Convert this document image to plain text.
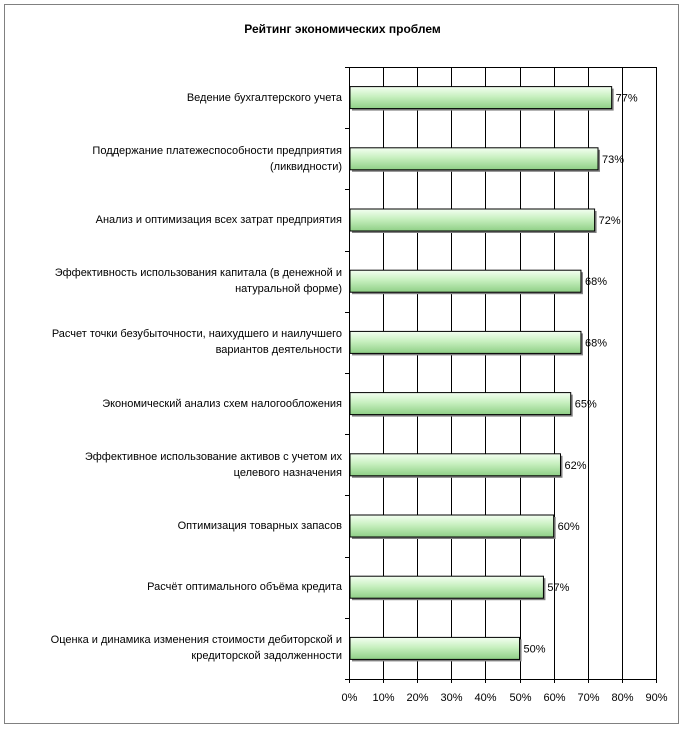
Рейтинг экономических проблем
Ведение бухгалтерского учета
Поддержание платежеспособности предприятия
(ликвидности)
Анализ и оптимизация всех затрат предприятия
Эффективность использования капитала (в денежной и
натуральной форме)
Расчет точки безубыточности, наихудшего и наилучшего
вариантов деятельности
Экономический анализ схем налогообложения
Эффективное использование активов с учетом их
целевого назначения
Оптимизация товарных запасов
Расчёт оптимального объёма кредита
Оценка и динамика изменения стоимости дебиторской и
кредиторской задолженности
0% 10% 20% 30% 40% 50% 60% 70% 80% 90%
77%
73%
72%
68%
68%
65%
62%
60%
57%
50%
